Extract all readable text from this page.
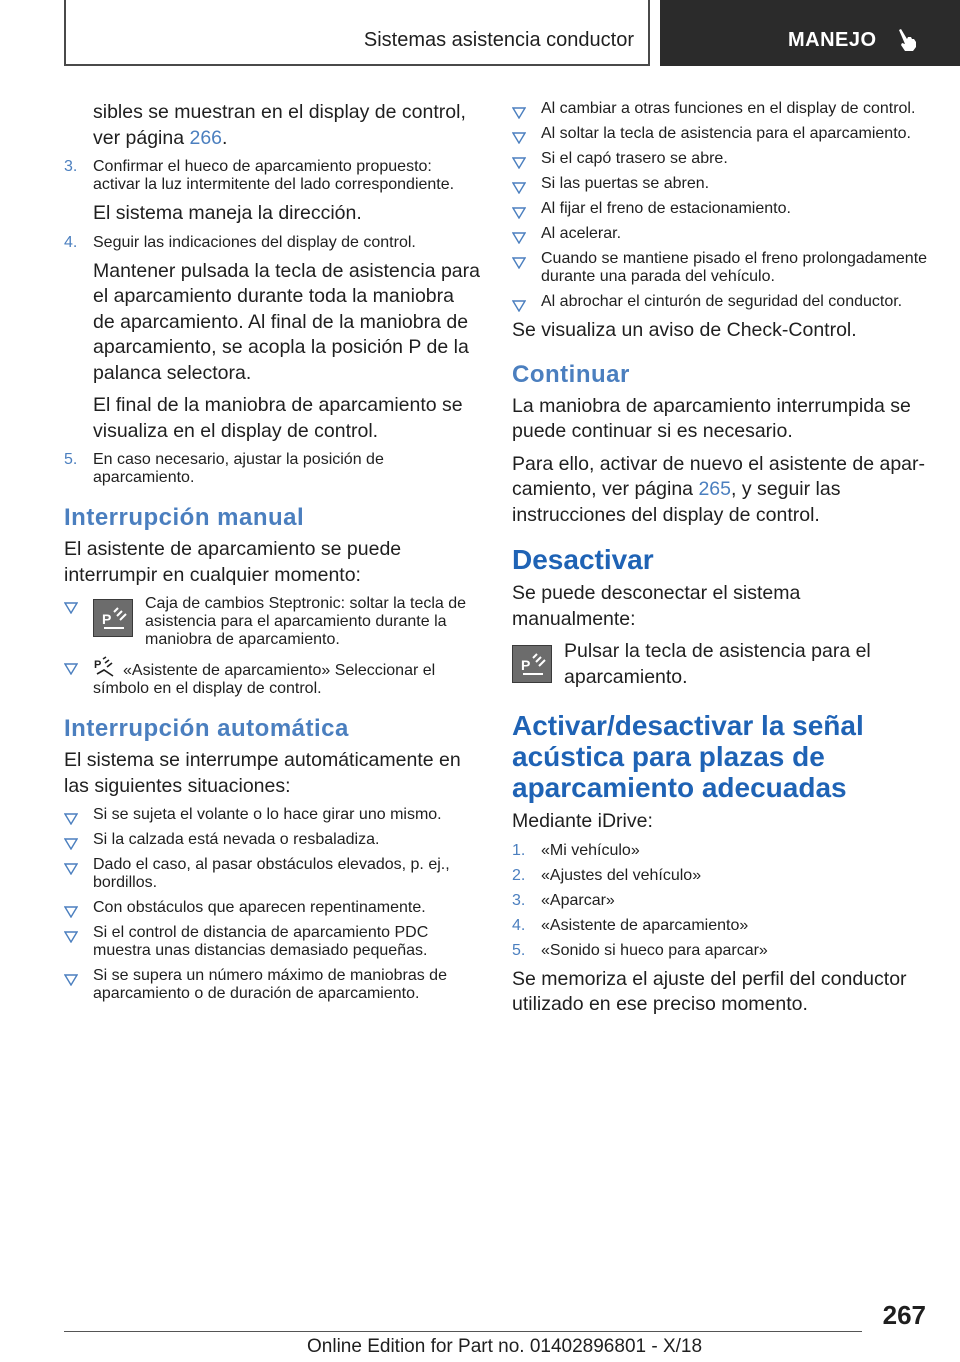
Sistemas asistencia conductor	MANEJO

sibles se muestran en el display de control,
ver página 266.

3. Confirmar el hueco de aparcamiento propuesto: activar la luz intermitente del lado correspondiente.

El sistema maneja la dirección.

4. Seguir las indicaciones del display de control.

Mantener pulsada la tecla de asistencia para el aparcamiento durante toda la maniobra de aparcamiento. Al final de la maniobra de aparcamiento, se acopla la posición P de la palanca selectora.

El final de la maniobra de aparcamiento se visualiza en el display de control.

5. En caso necesario, ajustar la posición de aparcamiento.
Interrupción manual

El asistente de aparcamiento se puede interrumpir en cualquier momento:

P
Caja de cambios Steptronic: soltar la tecla de asistencia para el aparcamiento durante la maniobra de aparcamiento.
P «Asistente de aparcamiento» Seleccionar el símbolo en el display de control.
Interrupción automática

El sistema se interrumpe automáticamente en las siguientes situaciones:

Si se sujeta el volante o lo hace girar uno mismo.
Si la calzada está nevada o resbaladiza.
Dado el caso, al pasar obstáculos elevados, p. ej., bordillos.
Con obstáculos que aparecen repentinamente.
Si el control de distancia de aparcamiento PDC muestra unas distancias demasiado pequeñas.
Si se supera un número máximo de maniobras de aparcamiento o de duración de aparcamiento.
Al cambiar a otras funciones en el display de control.
Al soltar la tecla de asistencia para el aparcamiento.
Si el capó trasero se abre.
Si las puertas se abren.
Al fijar el freno de estacionamiento.
Al acelerar.
Cuando se mantiene pisado el freno prolongadamente durante una parada del vehículo.
Al abrochar el cinturón de seguridad del conductor.

Se visualiza un aviso de Check-Control.

Continuar

La maniobra de aparcamiento interrumpida se puede continuar si es necesario.

Para ello, activar de nuevo el asistente de aparcamiento, ver página 265, y seguir las instrucciones del display de control.

Desactivar

Se puede desconectar el sistema manualmente:

P

Pulsar la tecla de asistencia para el aparcamiento.

Activar/desactivar la señal acústica para plazas de aparcamiento adecuadas

Mediante iDrive:

1. «Mi vehículo»
2. «Ajustes del vehículo»
3. «Aparcar»
4. «Asistente de aparcamiento»
5. «Sonido si hueco para aparcar»

Se memoriza el ajuste del perfil del conductor utilizado en ese preciso momento.

267
Online Edition for Part no. 01402896801 - X/18
